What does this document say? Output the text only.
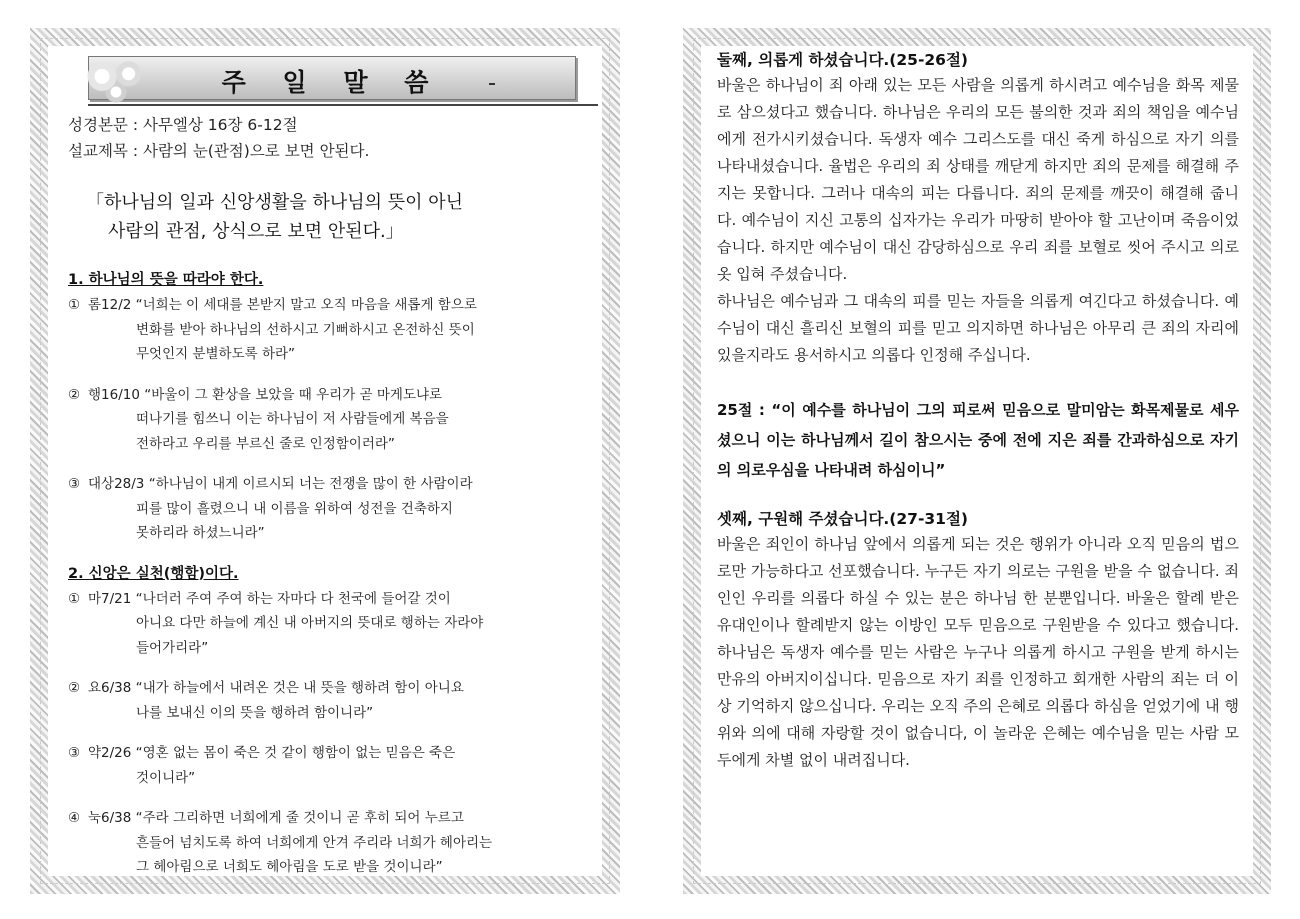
주 일 말 씀
성경본문 : 사무엘상 16장 6-12절
설교제목 : 사람의 눈(관점)으로 보면 안된다.
「하나님의 일과 신앙생활을 하나님의 뜻이 아닌
사람의 관점, 상식으로 보면 안된다.」
1. 하나님의 뜻을 따라야 한다.
① 롬12/2 “너희는 이 세대를 본받지 말고 오직 마음을 새롭게 함으로
변화를 받아 하나님의 선하시고 기뻐하시고 온전하신 뜻이
무엇인지 분별하도록 하라”
② 행16/10 “바울이 그 환상을 보았을 때 우리가 곧 마게도냐로
떠나기를 힘쓰니 이는 하나님이 저 사람들에게 복음을
전하라고 우리를 부르신 줄로 인정함이러라”
③ 대상28/3 “하나님이 내게 이르시되 너는 전쟁을 많이 한 사람이라
피를 많이 흘렸으니 내 이름을 위하여 성전을 건축하지
못하리라 하셨느니라”
2. 신앙은 실천(행함)이다.
① 마7/21 “나더러 주여 주여 하는 자마다 다 천국에 들어갈 것이
아니요 다만 하늘에 계신 내 아버지의 뜻대로 행하는 자라야
들어가리라”
② 요6/38 “내가 하늘에서 내려온 것은 내 뜻을 행하려 함이 아니요
나를 보내신 이의 뜻을 행하려 함이니라”
③ 약2/26 “영혼 없는 몸이 죽은 것 같이 행함이 없는 믿음은 죽은
것이니라”
④ 눅6/38 “주라 그리하면 너희에게 줄 것이니 곧 후히 되어 누르고
흔들어 넘치도록 하여 너희에게 안겨 주리라 너희가 헤아리는
그 헤아림으로 너희도 헤아림을 도로 받을 것이니라”
둘째, 의롭게 하셨습니다.(25-26절)
바울은 하나님이 죄 아래 있는 모든 사람을 의롭게 하시려고 예수님을 화목 제물로 삼으셨다고 했습니다. 하나님은 우리의 모든 불의한 것과 죄의 책임을 예수님에게 전가시키셨습니다. 독생자 예수 그리스도를 대신 죽게 하심으로 자기 의를 나타내셨습니다. 율법은 우리의 죄 상태를 깨닫게 하지만 죄의 문제를 해결해 주지는 못합니다. 그러나 대속의 피는 다릅니다. 죄의 문제를 깨끗이 해결해 줍니다. 예수님이 지신 고통의 십자가는 우리가 마땅히 받아야 할 고난이며 죽음이었습니다. 하지만 예수님이 대신 감당하심으로 우리 죄를 보혈로 씻어 주시고 의로 옷 입혀 주셨습니다.
하나님은 예수님과 그 대속의 피를 믿는 자들을 의롭게 여긴다고 하셨습니다. 예수님이 대신 흘리신 보혈의 피를 믿고 의지하면 하나님은 아무리 큰 죄의 자리에 있을지라도 용서하시고 의롭다 인정해 주십니다.
25절 : “이 예수를 하나님이 그의 피로써 믿음으로 말미암는 화목제물로 세우셨으니 이는 하나님께서 길이 참으시는 중에 전에 지은 죄를 간과하심으로 자기의 의로우심을 나타내려 하심이니”
셋째, 구원해 주셨습니다.(27-31절)
바울은 죄인이 하나님 앞에서 의롭게 되는 것은 행위가 아니라 오직 믿음의 법으로만 가능하다고 선포했습니다. 누구든 자기 의로는 구원을 받을 수 없습니다. 죄인인 우리를 의롭다 하실 수 있는 분은 하나님 한 분뿐입니다. 바울은 할례 받은 유대인이나 할례받지 않는 이방인 모두 믿음으로 구원받을 수 있다고 했습니다. 하나님은 독생자 예수를 믿는 사람은 누구나 의롭게 하시고 구원을 받게 하시는 만유의 아버지이십니다. 믿음으로 자기 죄를 인정하고 회개한 사람의 죄는 더 이상 기억하지 않으십니다. 우리는 오직 주의 은혜로 의롭다 하심을 얻었기에 내 행위와 의에 대해 자랑할 것이 없습니다, 이 놀라운 은혜는 예수님을 믿는 사람 모두에게 차별 없이 내려집니다.
